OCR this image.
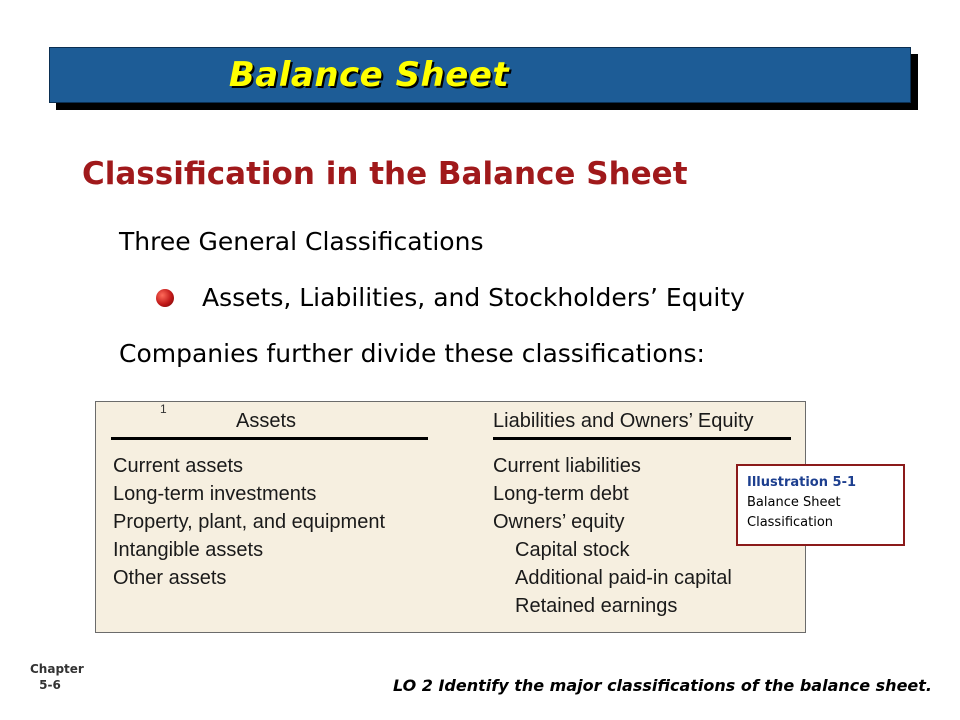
Balance Sheet
Classification in the Balance Sheet
Three General Classifications
Assets, Liabilities, and Stockholders’ Equity
Companies further divide these classifications:
1
Assets	Liabilities and Owners’ Equity
Current assets
Long-term investments
Property, plant, and equipment
Intangible assets
Other assets
Current liabilities
Long-term debt
Owners’ equity
Capital stock
Additional paid-in capital
Retained earnings
Illustration 5-1
Balance Sheet
Classification
Chapter
5-6	LO 2 Identify the major classifications of the balance sheet.
